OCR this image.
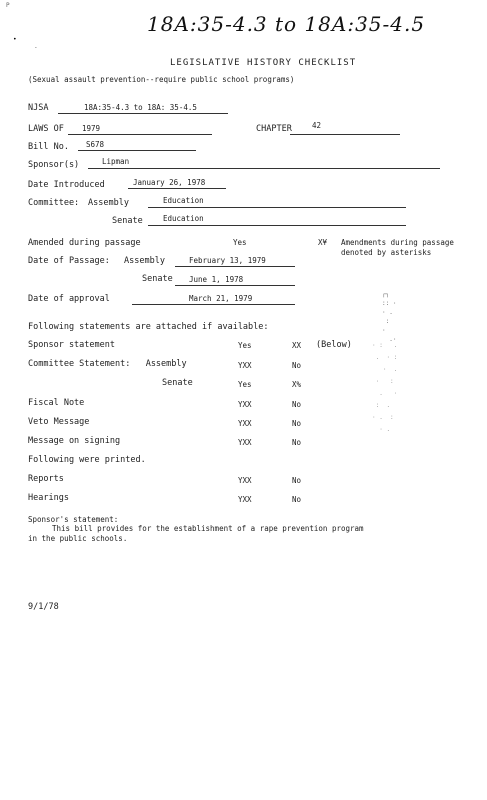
18A:35-4.3 to 18A:35-4.5
P
•
-
LEGISLATIVE HISTORY CHECKLIST
(Sexual assault prevention--require public school programs)
NJSA	18A:35-4.3 to 18A: 35-4.5
LAWS OF 1979	CHAPTER	42
Bill No. S678
Sponsor(s)	Lipman
Date Introduced	January 26, 1978
Committee: Assembly	Education
Senate	Education
Amended during passage	Yes	X¥ Amendments during passage
denoted by asterisks
Date of Passage: Assembly	February 13, 1979
Senate June 1, 1978
Date of approval	March 21, 1979
Following statements are attached if available:
Sponsor statement	Yes	XX (Below)
Committee Statement:   Assembly	YXX	No
Senate	Yes	X%
Fiscal Note	YXX	No
Veto Message	YXX	No
Message on signing	YXX	No
Following were printed.
Reports	YXX	No
Hearings	YXX	No
┌┐
:: ·
· .
:
·
.·
· :   .
.  · :
·  .
·   :
.   ·
:  .
· .  :
· .
Sponsor's statement:
This bill provides for the establishment of a rape prevention program
in the public schools.
9/1/78
